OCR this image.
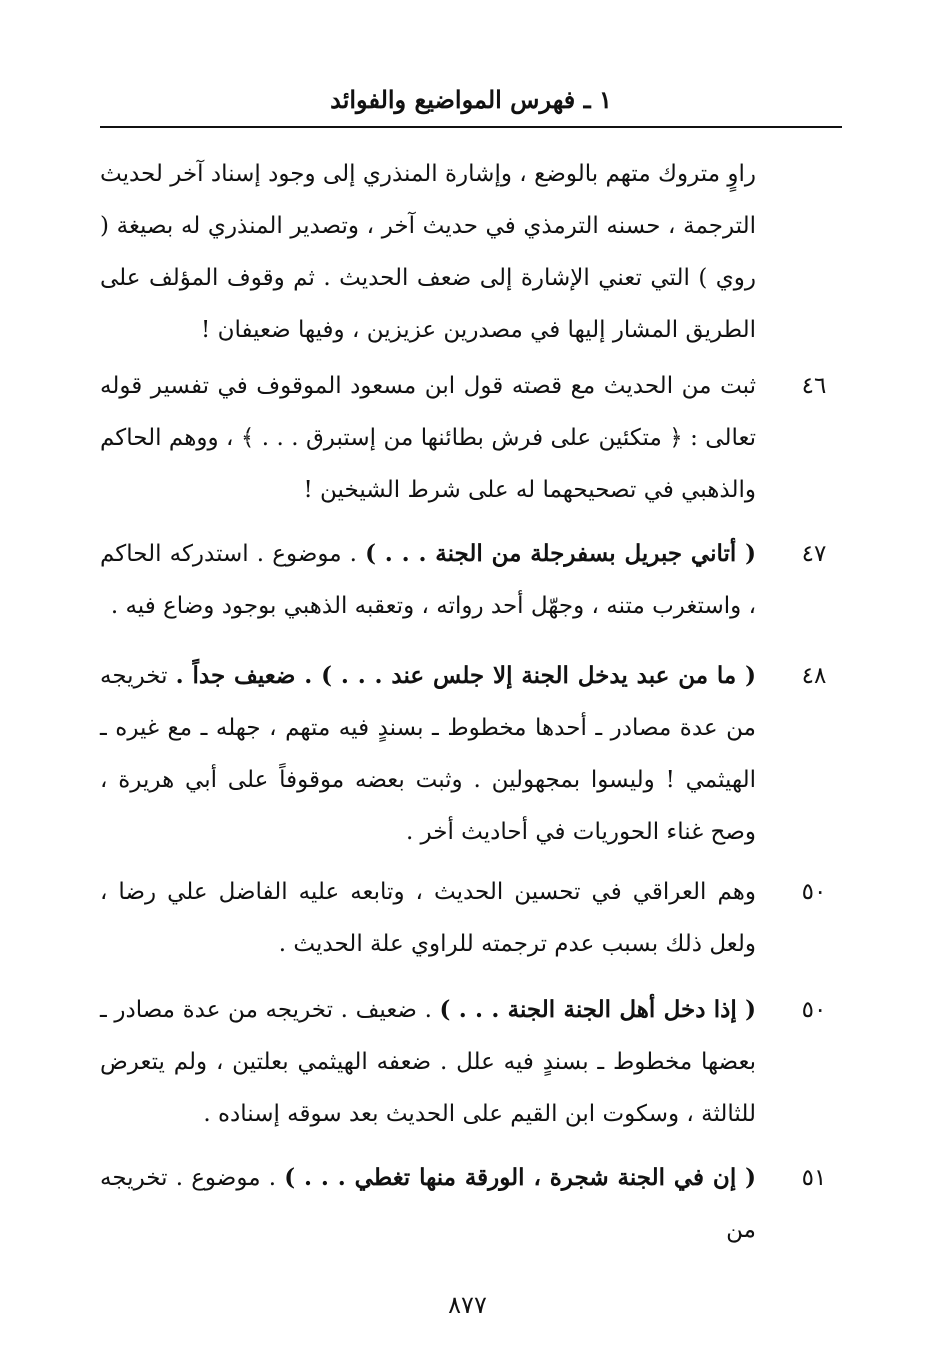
١ ـ فهرس المواضيع والفوائد
راوٍ متروك متهم بالوضع ، وإشارة المنذري إلى وجود إسناد آخر لحديث الترجمة ، حسنه الترمذي في حديث آخر ، وتصدير المنذري له بصيغة ( روي ) التي تعني الإشارة إلى ضعف الحديث . ثم وقوف المؤلف على الطريق المشار إليها في مصدرين عزيزين ، وفيها ضعيفان !
٤٦
ثبت من الحديث مع قصته قول ابن مسعود الموقوف في تفسير قوله تعالى : ﴿ متكئين على فرش بطائنها من إستبرق . . . ﴾ ، ووهم الحاكم والذهبي في تصحيحهما له على شرط الشيخين !
٤٧
( أتاني جبريل بسفرجلة من الجنة . . . ) . موضوع . استدركه الحاكم ، واستغرب متنه ، وجهّل أحد رواته ، وتعقبه الذهبي بوجود وضاع فيه .
٤٨
( ما من عبد يدخل الجنة إلا جلس عند . . . ) . ضعيف جداً . تخريجه من عدة مصادر ـ أحدها مخطوط ـ بسندٍ فيه متهم ، جهله ـ مع غيره ـ الهيثمي ! وليسوا بمجهولين . وثبت بعضه موقوفاً على أبي هريرة ، وصح غناء الحوريات في أحاديث أخر .
٥٠
وهم العراقي في تحسين الحديث ، وتابعه عليه الفاضل علي رضا ، ولعل ذلك بسبب عدم ترجمته للراوي علة الحديث .
٥٠
( إذا دخل أهل الجنة الجنة . . . ) . ضعيف . تخريجه من عدة مصادر ـ بعضها مخطوط ـ بسندٍ فيه علل . ضعفه الهيثمي بعلتين ، ولم يتعرض للثالثة ، وسكوت ابن القيم على الحديث بعد سوقه إسناده .
٥١
( إن في الجنة شجرة ، الورقة منها تغطي . . . ) . موضوع . تخريجه من
٨٧٧
